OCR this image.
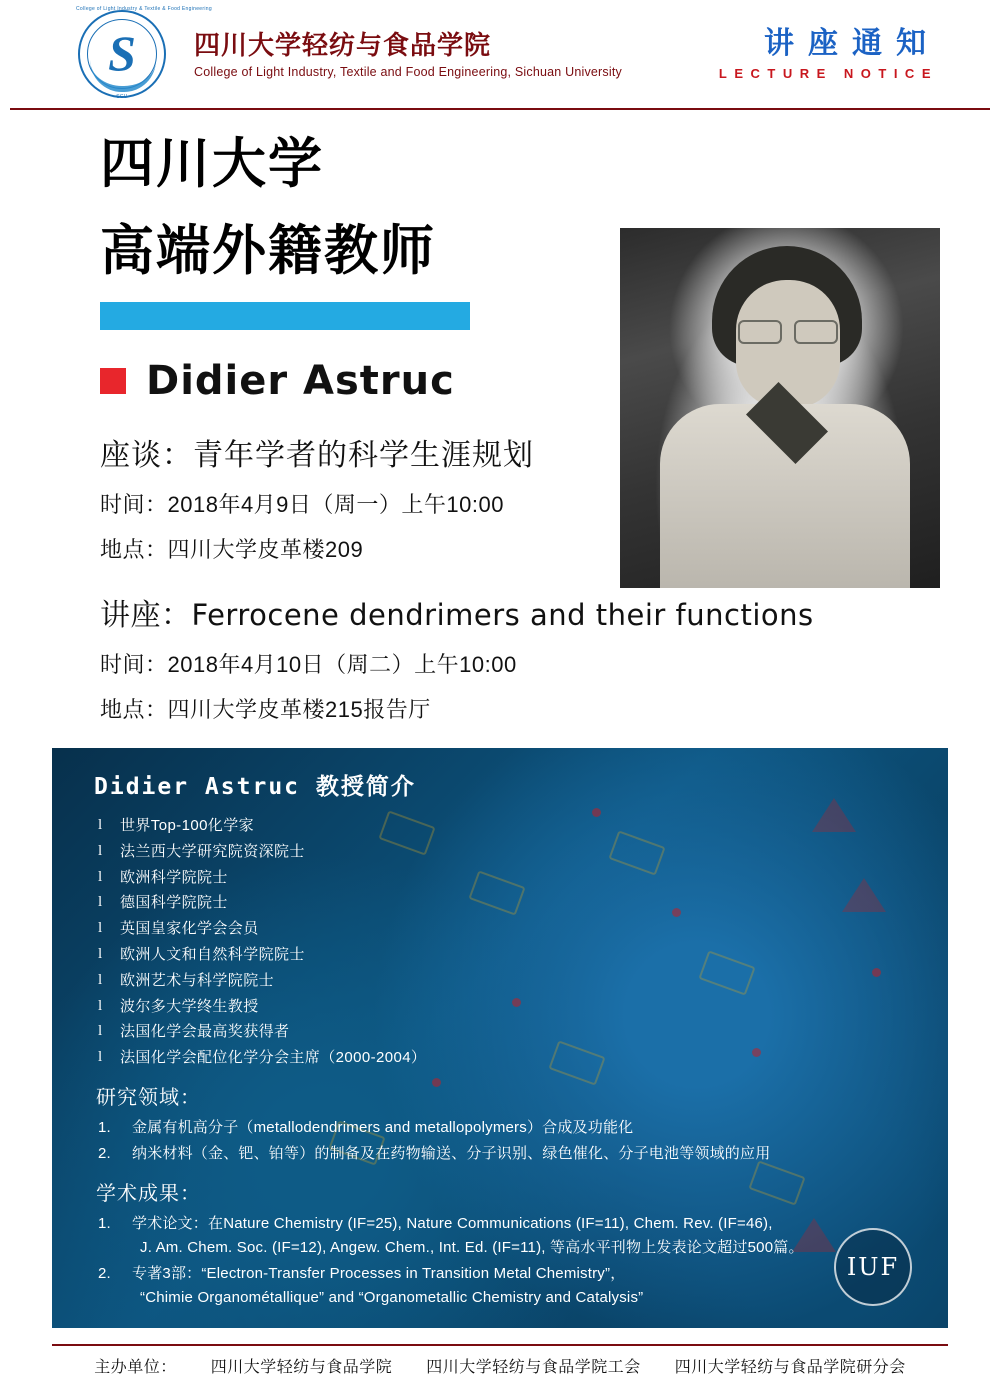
S
College of Light Industry & Textile & Food Engineering
SCU
四川大学轻纺与食品学院
College of Light Industry, Textile and Food Engineering, Sichuan University
讲座通知
LECTURE NOTICE
四川大学
高端外籍教师
Didier Astruc
座谈：青年学者的科学生涯规划
时间：2018年4月9日（周一）上午10:00
地点：四川大学皮革楼209
讲座：Ferrocene dendrimers and their functions
时间：2018年4月10日（周二）上午10:00
地点：四川大学皮革楼215报告厅
Didier Astruc 教授简介
l 世界Top-100化学家
l 法兰西大学研究院资深院士
l 欧洲科学院院士
l 德国科学院院士
l 英国皇家化学会会员
l 欧洲人文和自然科学院院士
l 欧洲艺术与科学院院士
l 波尔多大学终生教授
l 法国化学会最高奖获得者
l 法国化学会配位化学分会主席（2000-2004）
研究领域：
1. 金属有机高分子（metallodendrimers and metallopolymers）合成及功能化
2. 纳米材料（金、钯、铂等）的制备及在药物输送、分子识别、绿色催化、分子电池等领域的应用
学术成果：
1. 学术论文：在Nature Chemistry (IF=25), Nature Communications (IF=11), Chem. Rev. (IF=46),
J. Am. Chem. Soc. (IF=12), Angew. Chem., Int. Ed. (IF=11), 等高水平刊物上发表论文超过500篇。
2. 专著3部：“Electron-Transfer Processes in Transition Metal Chemistry”，
“Chimie Organométallique” and “Organometallic Chemistry and Catalysis”
IUF
主办单位： 四川大学轻纺与食品学院 四川大学轻纺与食品学院工会 四川大学轻纺与食品学院研分会
